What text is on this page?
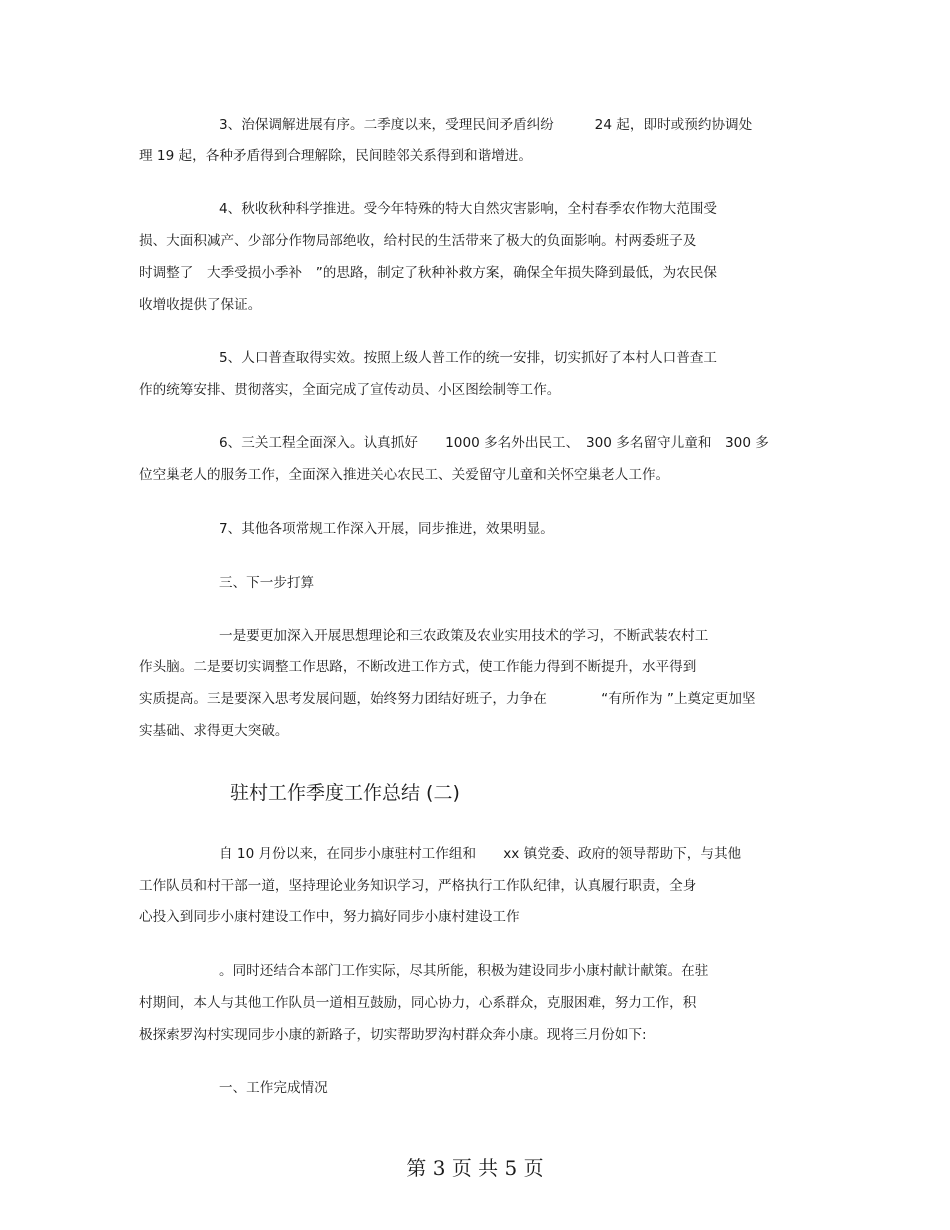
3、治保调解进展有序。二季度以来，受理民间矛盾纠纷　　　24 起，即时或预约协调处
理 19 起，各种矛盾得到合理解除，民间睦邻关系得到和谐增进。
4、秋收秋种科学推进。受今年特殊的特大自然灾害影响，全村春季农作物大范围受
损、大面积减产、少部分作物局部绝收，给村民的生活带来了极大的负面影响。村两委班子及
时调整了　大季受损小季补　”的思路，制定了秋种补救方案，确保全年损失降到最低，为农民保
收增收提供了保证。
5、人口普查取得实效。按照上级人普工作的统一安排，切实抓好了本村人口普查工
作的统筹安排、贯彻落实，全面完成了宣传动员、小区图绘制等工作。
6、三关工程全面深入。认真抓好　　1000 多名外出民工、　300 多名留守儿童和　300 多
位空巢老人的服务工作，全面深入推进关心农民工、关爱留守儿童和关怀空巢老人工作。
7、其他各项常规工作深入开展，同步推进，效果明显。
三、下一步打算
一是要更加深入开展思想理论和三农政策及农业实用技术的学习，不断武装农村工
作头脑。二是要切实调整工作思路，不断改进工作方式，使工作能力得到不断提升，水平得到
实质提高。三是要深入思考发展问题，始终努力团结好班子，力争在　　　　“有所作为 ”上奠定更加坚
实基础、求得更大突破。
驻村工作季度工作总结 (二)
自 10 月份以来，在同步小康驻村工作组和　　xx 镇党委、政府的领导帮助下，与其他
工作队员和村干部一道，坚持理论业务知识学习，严格执行工作队纪律，认真履行职责，全身
心投入到同步小康村建设工作中，努力搞好同步小康村建设工作
。同时还结合本部门工作实际，尽其所能，积极为建设同步小康村献计献策。在驻
村期间，本人与其他工作队员一道相互鼓励，同心协力，心系群众，克服困难，努力工作，积
极探索罗沟村实现同步小康的新路子，切实帮助罗沟村群众奔小康。现将三月份如下:
一、工作完成情况
第 3 页 共 5 页
